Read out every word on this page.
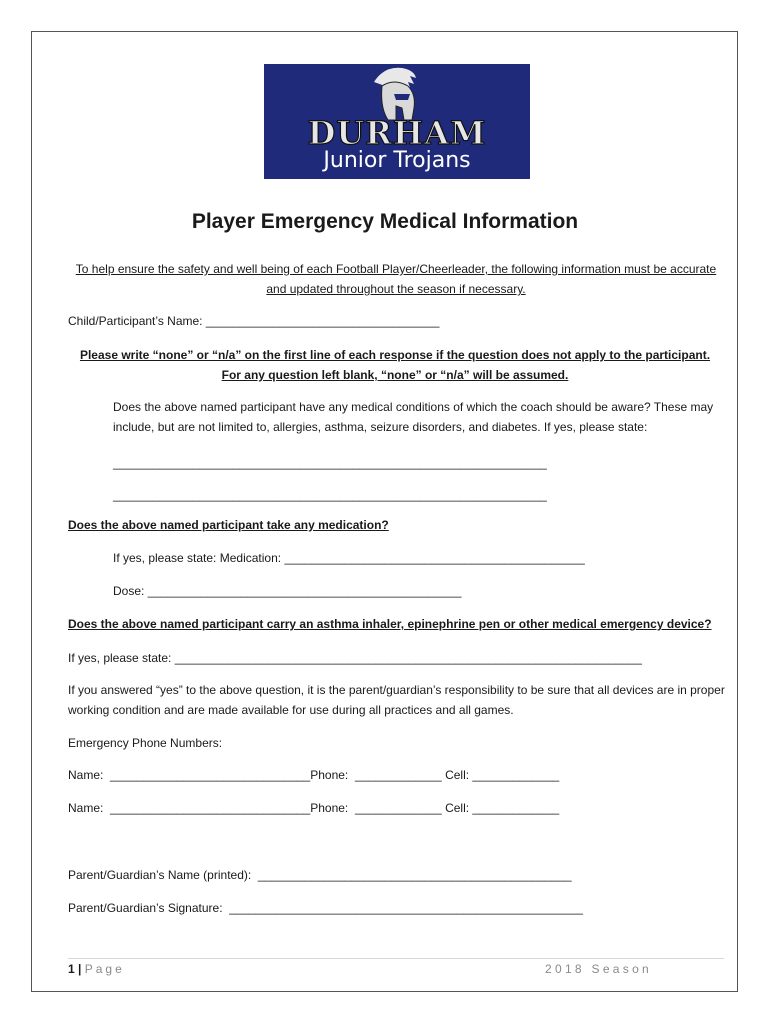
DURHAM
Junior Trojans
Player Emergency Medical Information
To help ensure the safety and well being of each Football Player/Cheerleader, the following information must be accurate and updated throughout the season if necessary.
Child/Participant’s Name: ___________________________________
Please write “none” or “n/a” on the first line of each response if the question does not apply to the participant.
For any question left blank, “none” or “n/a” will be assumed.
Does the above named participant have any medical conditions of which the coach should be aware? These may include, but are not limited to, allergies, asthma, seizure disorders, and diabetes. If yes, please state:
_________________________________________________________________
_________________________________________________________________
Does the above named participant take any medication?
If yes, please state: Medication: _____________________________________________
Dose: _______________________________________________
Does the above named participant carry an asthma inhaler, epinephrine pen or other medical emergency device?
If yes, please state: ______________________________________________________________________
If you answered “yes” to the above question, it is the parent/guardian’s responsibility to be sure that all devices are in proper working condition and are made available for use during all practices and all games.
Emergency Phone Numbers:
Name: ______________________________Phone: _____________ Cell: _____________
Name: ______________________________Phone: _____________ Cell: _____________
Parent/Guardian’s Name (printed): _______________________________________________
Parent/Guardian’s Signature: _____________________________________________________
1 | Page	2018 Season
